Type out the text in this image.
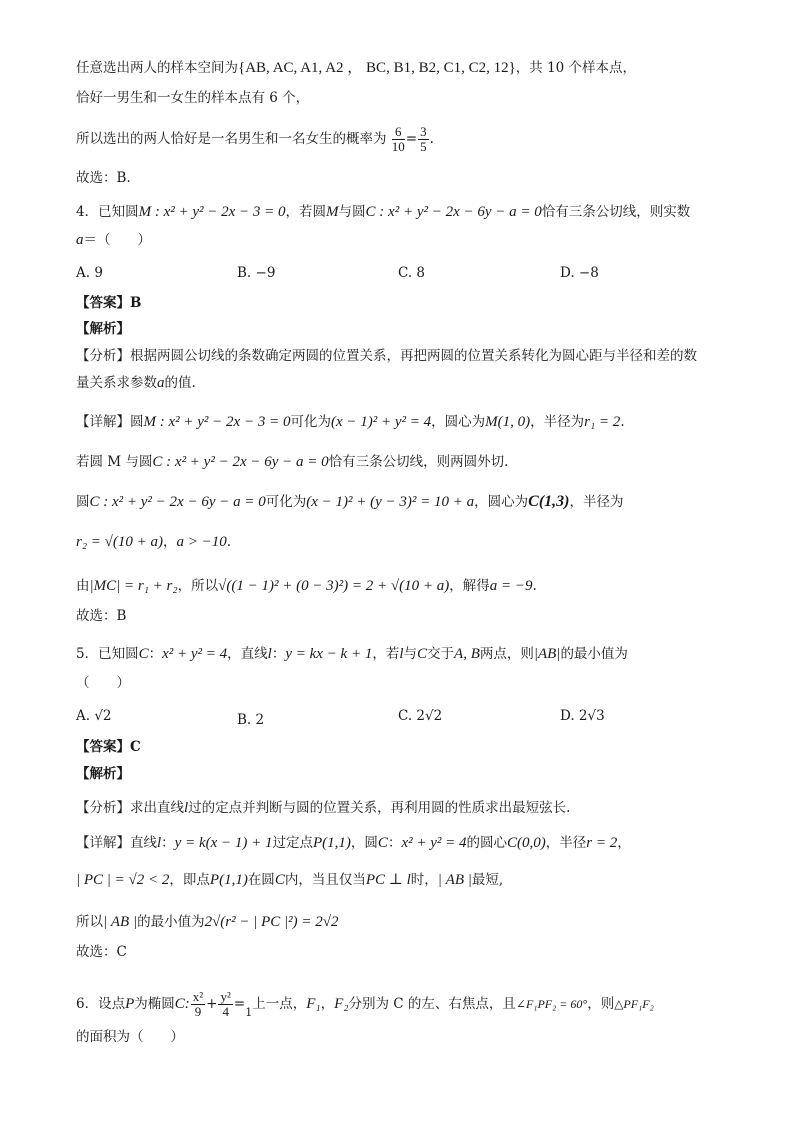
任意选出两人的样本空间为{AB, AC, A1, A2 ， BC, B1, B2, C1, C2, 12}，共 10 个样本点，
恰好一男生和一女生的样本点有 6 个，
所以选出的两人恰好是一名男生和一名女生的概率为 $\frac{6}{10} = \frac{3}{5}$ .
故选：B.
4．已知圆M : x² + y² − 2x − 3 = 0，若圆M与圆C : x² + y² − 2x − 6y − a = 0恰有三条公切线，则实数
a＝（　　）
A. 9	B. −9	C. 8	D. −8
【答案】B
【解析】
【分析】根据两圆公切线的条数确定两圆的位置关系，再把两圆的位置关系转化为圆心距与半径和差的数
量关系求参数a的值.
【详解】圆M : x² + y² − 2x − 3 = 0可化为(x − 1)² + y² = 4，圆心为M(1, 0)，半径为r₁ = 2.
若圆 M 与圆C : x² + y² − 2x − 6y − a = 0恰有三条公切线，则两圆外切.
圆C : x² + y² − 2x − 6y − a = 0可化为(x − 1)² + (y − 3)² = 10 + a，圆心为C(1,3)，半径为
r₂ = √(10 + a)，a > −10.
由|MC| = r₁ + r₂，所以√((1 − 1)² + (0 − 3)²) = 2 + √(10 + a)，解得a = −9.
故选：B
5．已知圆C：x² + y² = 4，直线l：y = kx − k + 1，若l与C交于A, B两点，则|AB|的最小值为
（　　）
A. √2	B. 2	C. 2√2	D. 2√3
【答案】C
【解析】
【分析】求出直线l过的定点并判断与圆的位置关系，再利用圆的性质求出最短弦长.
【详解】直线l：y = k(x − 1) + 1过定点P(1,1)，圆C：x² + y² = 4的圆心C(0,0)，半径r = 2，
| PC | = √2 < 2，即点P(1,1)在圆C内，当且仅当PC ⊥ l时，| AB |最短,
所以| AB |的最小值为2√(r² − | PC |²) = 2√2
故选：C
6．设点P为椭圆C: $\frac{\text{x²}}{9} + \frac{\text{y²}}{4} =_1$上一点，F₁，F₂分别为 C 的左、右焦点，且∠F₁PF₂ = 60°，则△PF₁F₂
的面积为（　　）
